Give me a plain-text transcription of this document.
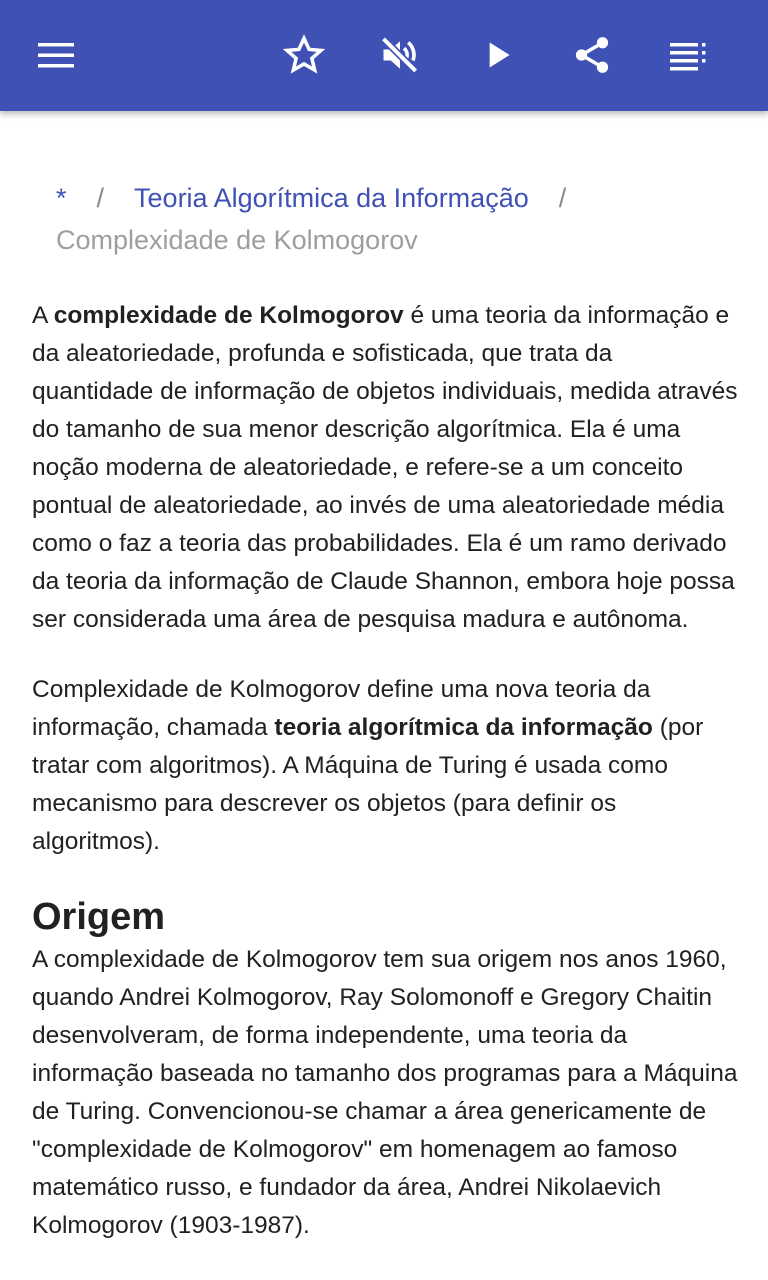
* / Teoria Algorítmica da Informação /
Complexidade de Kolmogorov

A complexidade de Kolmogorov é uma teoria da informação e da aleatoriedade, profunda e sofisticada, que trata da quantidade de informação de objetos individuais, medida através do tamanho de sua menor descrição algorítmica. Ela é uma noção moderna de aleatoriedade, e refere-se a um conceito pontual de aleatoriedade, ao invés de uma aleatoriedade média como o faz a teoria das probabilidades. Ela é um ramo derivado da teoria da informação de Claude Shannon, embora hoje possa ser considerada uma área de pesquisa madura e autônoma.

Complexidade de Kolmogorov define uma nova teoria da informação, chamada teoria algorítmica da informação (por tratar com algoritmos). A Máquina de Turing é usada como mecanismo para descrever os objetos (para definir os algoritmos).

Origem

A complexidade de Kolmogorov tem sua origem nos anos 1960, quando Andrei Kolmogorov, Ray Solomonoff e Gregory Chaitin desenvolveram, de forma independente, uma teoria da informação baseada no tamanho dos programas para a Máquina de Turing. Convencionou-se chamar a área genericamente de "complexidade de Kolmogorov" em homenagem ao famoso matemático russo, e fundador da área, Andrei Nikolaevich Kolmogorov (1903-1987).
